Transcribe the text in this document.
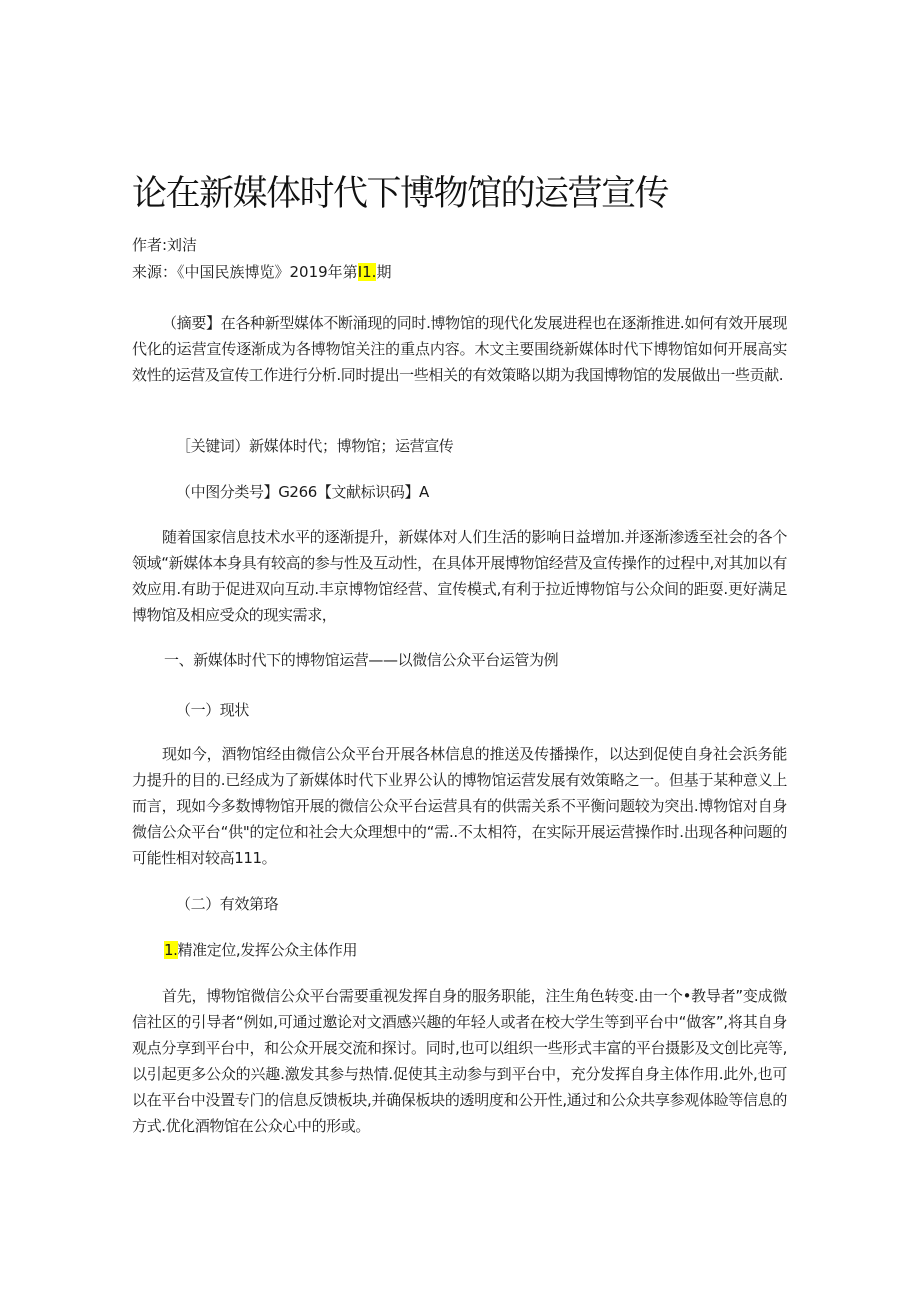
论在新媒体时代下博物馆的运营宣传
作者:刘洁
来源：《中国民族博览》2019年第I1.期

（摘要】在各种新型媒体不断涌现的同时.博物馆的现代化发展进程也在逐渐推进.如何有效开展现代化的运营宣传逐渐成为各博物馆关注的重点内容。木文主要围绕新媒体时代下博物馆如何开展高实效性的运营及宣传工作进行分析.同时提出一些相关的有效策略以期为我国博物馆的发展做出一些贡献.

［关键词）新媒体时代；博物馆；运营宣传
（中图分类号】G266【文献标识码】A

随着国家信息技术水平的逐渐提升，新媒体对人们生活的影响日益增加.并逐渐渗透至社会的各个领域“新媒体本身具有较高的参与性及互动性，在具体开展博物馆经营及宣传操作的过程中,对其加以有效应用.有助于促进双向互动.丰京博物馆经营、宣传模式,有利于拉近博物馆与公众间的距耍.更好满足博物馆及相应受众的现实需求，

一、新媒体时代下的博物馆运营——以微信公众平台运管为例
（一）现状

现如今，酒物馆经由微信公众平台开展各林信息的推送及传播操作，以达到促使自身社会浜务能力提升的目的.已经成为了新媒体时代下业界公认的博物馆运营发展有效策略之一。但基于某种意义上而言，现如今多数博物馆开展的微信公众平台运营具有的供需关系不平衡问题较为突出.博物馆对自身微信公众平台“供"的定位和社会大众理想中的“需..不太相符，在实际开展运营操作时.出现各种问题的可能性相对较高111。

（二）有效第珞
1.精准定位,发挥公众主体作用

首先，博物馆微信公众平台需要重视发挥自身的服务职能，注生角色转变.由一个•教导者”变成微信社区的引导者“例如,可通过邀论对文酒感兴趣的年轻人或者在校大学生等到平台中“做客”,将其自身观点分享到平台中，和公众开展交流和探讨。同时,也可以组织一些形式丰富的平台摄影及文创比亮等,以引起更多公众的兴趣.激发其参与热情.促使其主动参与到平台中，充分发挥自身主体作用.此外,也可以在平台中没置专门的信息反馈板块,并确保板块的透明度和公开性,通过和公众共享参观体睑等信息的方式.优化酒物馆在公众心中的形或。
